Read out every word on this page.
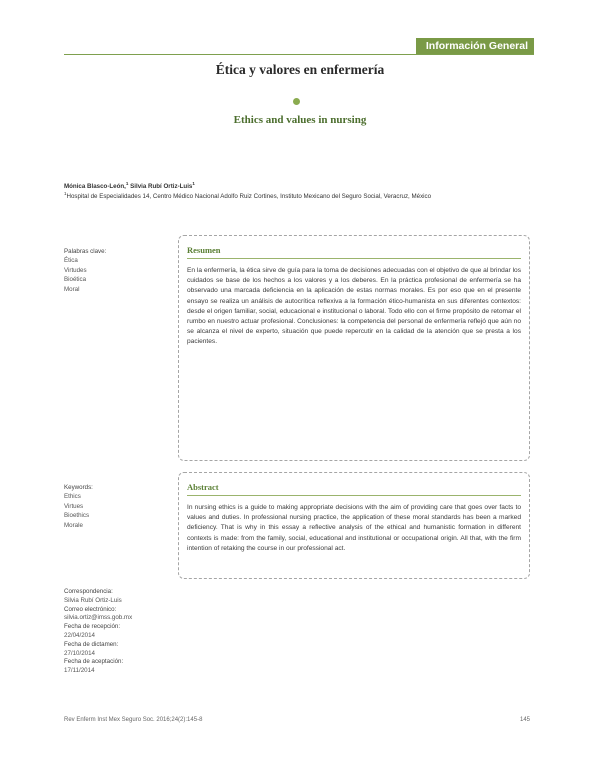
Información General
Ética y valores en enfermería
Ethics and values in nursing
Mónica Blasco-León,$^1$ Silvia Rubí Ortiz-Luis$^1$
$^1$Hospital de Especialidades 14, Centro Médico Nacional Adolfo Ruiz Cortines, Instituto Mexicano del Seguro Social, Veracruz, México
Palabras clave:
Ética
Virtudes
Bioética
Moral
Resumen
En la enfermería, la ética sirve de guía para la toma de decisiones adecuadas con el objetivo de que al brindar los cuidados se base de los hechos a los valores y a los deberes. En la práctica profesional de enfermería se ha observado una marcada deficiencia en la aplicación de estas normas morales. Es por eso que en el presente ensayo se realiza un análisis de autocrítica reflexiva a la formación ético-humanista en sus diferentes contextos: desde el origen familiar, social, educacional e institucional o laboral. Todo ello con el firme propósito de retomar el rumbo en nuestro actuar profesional. Conclusiones: la competencia del personal de enfermería reflejó que aún no se alcanza el nivel de experto, situación que puede repercutir en la calidad de la atención que se presta a los pacientes.
Keywords:
Ethics
Virtues
Bioethics
Morale
Abstract
In nursing ethics is a guide to making appropriate decisions with the aim of providing care that goes over facts to values and duties. In professional nursing practice, the application of these moral standards has been a marked deficiency. That is why in this essay a reflective analysis of the ethical and humanistic formation in different contexts is made: from the family, social, educational and institutional or occupational origin. All that, with the firm intention of retaking the course in our professional act.
Correspondencia:
Silvia Rubí Ortiz-Luis
Correo electrónico:
silvia.ortiz@imss.gob.mx
Fecha de recepción:
22/04/2014
Fecha de dictamen:
27/10/2014
Fecha de aceptación:
17/11/2014
Rev Enferm Inst Mex Seguro Soc. 2016;24(2):145-8	145
